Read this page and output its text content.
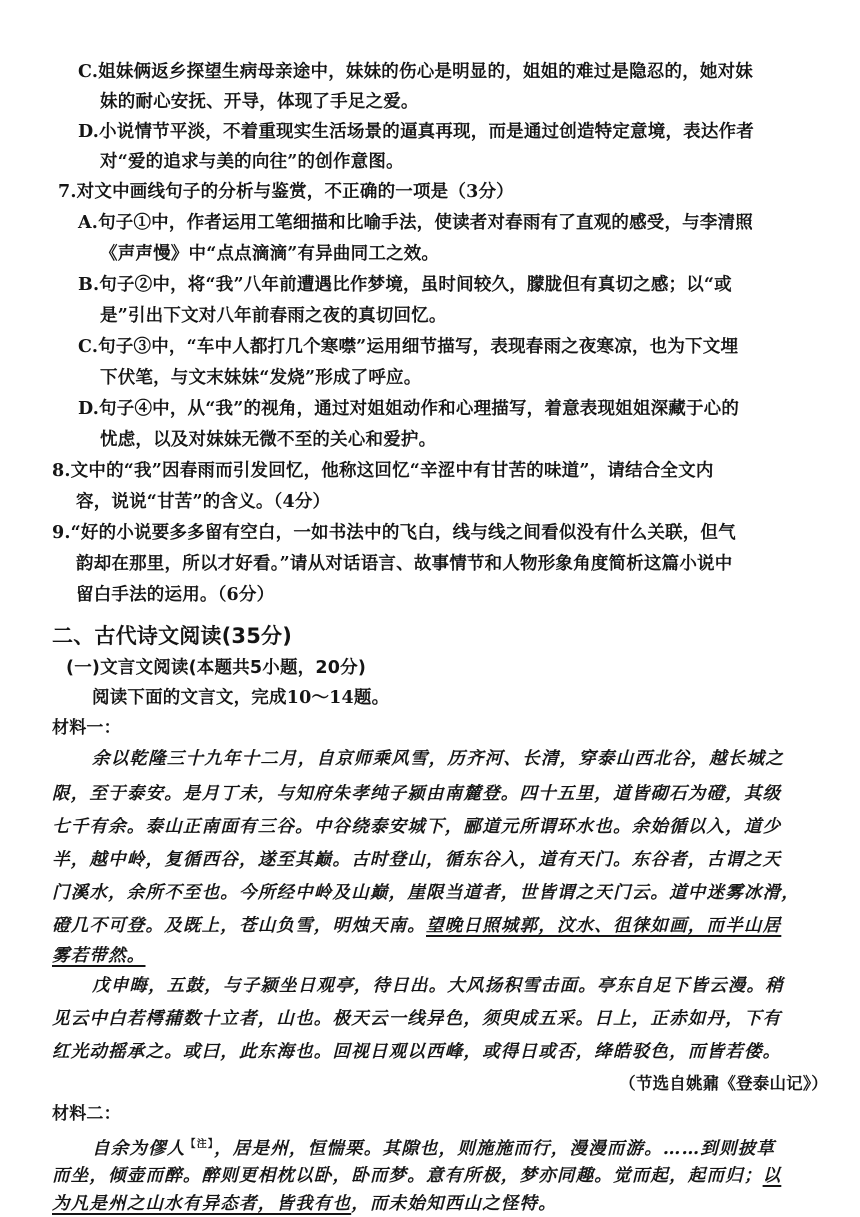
C.姐妹俩返乡探望生病母亲途中，妹妹的伤心是明显的，姐姐的难过是隐忍的，她对妹
妹的耐心安抚、开导，体现了手足之爱。
D.小说情节平淡，不着重现实生活场景的逼真再现，而是通过创造特定意境，表达作者
对“爱的追求与美的向往”的创作意图。
7.对文中画线句子的分析与鉴赏，不正确的一项是（3分）
A.句子①中，作者运用工笔细描和比喻手法，使读者对春雨有了直观的感受，与李清照
《声声慢》中“点点滴滴”有异曲同工之效。
B.句子②中，将“我”八年前遭遇比作梦境，虽时间较久，朦胧但有真切之感；以“或
是”引出下文对八年前春雨之夜的真切回忆。
C.句子③中，“车中人都打几个寒噤”运用细节描写，表现春雨之夜寒凉，也为下文埋
下伏笔，与文末妹妹“发烧”形成了呼应。
D.句子④中，从“我”的视角，通过对姐姐动作和心理描写，着意表现姐姐深藏于心的
忧虑，以及对妹妹无微不至的关心和爱护。
8.文中的“我”因春雨而引发回忆，他称这回忆“辛涩中有甘苦的味道”，请结合全文内
容，说说“甘苦”的含义。（4分）
9.“好的小说要多多留有空白，一如书法中的飞白，线与线之间看似没有什么关联，但气
韵却在那里，所以才好看。”请从对话语言、故事情节和人物形象角度简析这篇小说中
留白手法的运用。（6分）
二、古代诗文阅读(35分)
(一)文言文阅读(本题共5小题，20分)
阅读下面的文言文，完成10～14题。
材料一：
余以乾隆三十九年十二月，自京师乘风雪，历齐河、长清，穿泰山西北谷，越长城之
限，至于泰安。是月丁未，与知府朱孝纯子颍由南麓登。四十五里，道皆砌石为磴，其级
七千有余。泰山正南面有三谷。中谷绕泰安城下，郦道元所谓环水也。余始循以入，道少
半，越中岭，复循西谷，遂至其巅。古时登山，循东谷入，道有天门。东谷者，古谓之天
门溪水，余所不至也。今所经中岭及山巅，崖限当道者，世皆谓之天门云。道中迷雾冰滑，
磴几不可登。及既上，苍山负雪，明烛天南。望晚日照城郭，汶水、徂徕如画，而半山居
雾若带然。
戊申晦，五鼓，与子颍坐日观亭，待日出。大风扬积雪击面。亭东自足下皆云漫。稍
见云中白若樗蒱数十立者，山也。极天云一线异色，须臾成五采。日上，正赤如丹，下有
红光动摇承之。或曰，此东海也。回视日观以西峰，或得日或否，绛皓驳色，而皆若偻。
（节选自姚鼐《登泰山记》）
材料二：
自余为僇人$^{【注】}$，居是州，恒惴栗。其隙也，则施施而行，漫漫而游。……到则披草
而坐，倾壶而醉。醉则更相枕以卧，卧而梦。意有所极，梦亦同趣。觉而起，起而归；以
为凡是州之山水有异态者，皆我有也，而未始知西山之怪特。
